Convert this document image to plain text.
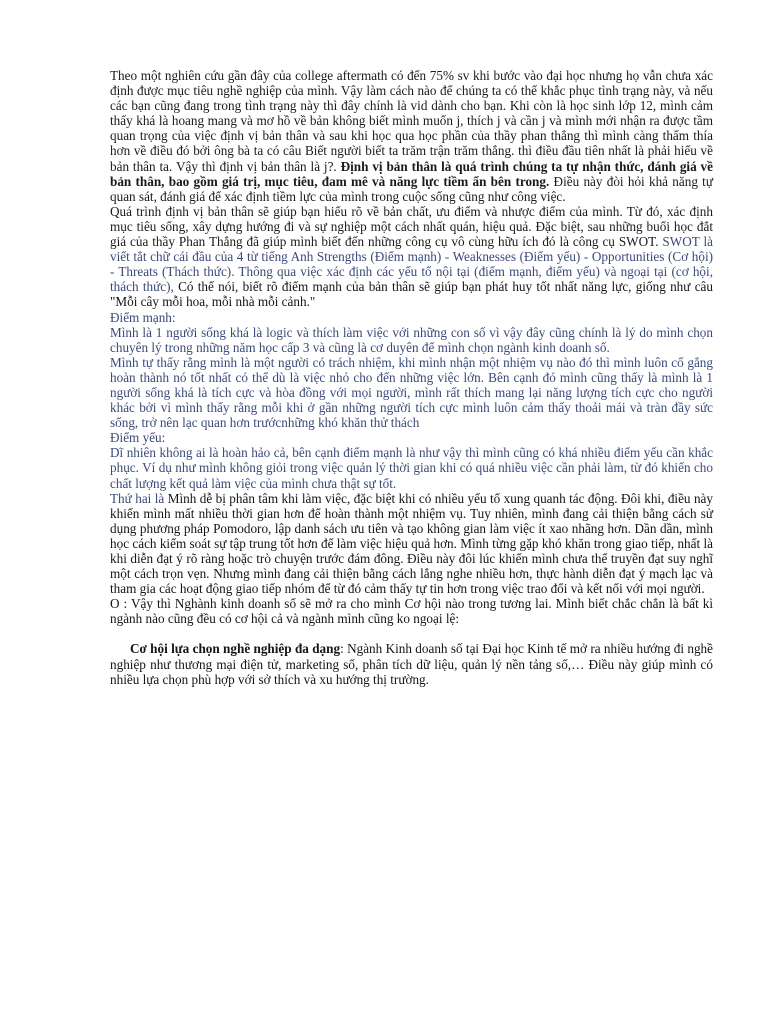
Theo một nghiên cứu gần đây của college aftermath có đến 75% sv khi bước vào đại học nhưng họ vẫn chưa xác định được mục tiêu nghề nghiệp của mình. Vậy làm cách nào để chúng ta có thể khắc phục tình trạng này, và nếu các bạn cũng đang trong tình trạng này thì đây chính là vid dành cho bạn. Khi còn là học sinh lớp 12, mình cảm thấy khá là hoang mang và mơ hồ về bản không biết mình muốn j, thích j và cần j và mình mới nhận ra được tầm quan trọng của việc định vị bản thân và sau khi học qua học phần của thầy phan thắng thì mình càng thấm thía hơn về điều đó bởi ông bà ta có câu Biết người biết ta trăm trận trăm thắng. thì điều đầu tiên nhất là phải hiểu về bản thân ta. Vậy thì định vị bản thân là j?. Định vị bản thân là quá trình chúng ta tự nhận thức, đánh giá về bản thân, bao gồm giá trị, mục tiêu, đam mê và năng lực tiềm ẩn bên trong. Điều này đòi hỏi khả năng tự quan sát, đánh giá để xác định tiềm lực của mình trong cuộc sống cũng như công việc.

Quá trình định vị bản thân sẽ giúp bạn hiểu rõ về bản chất, ưu điểm và nhược điểm của mình. Từ đó, xác định mục tiêu sống, xây dựng hướng đi và sự nghiệp một cách nhất quán, hiệu quả. Đặc biệt, sau những buổi học đắt giá của thầy Phan Thắng đã giúp mình biết đến những công cụ vô cùng hữu ích đó là công cụ SWOT. SWOT là viết tắt chữ cái đầu của 4 từ tiếng Anh Strengths (Điểm mạnh) - Weaknesses (Điểm yếu) - Opportunities (Cơ hội) - Threats (Thách thức). Thông qua việc xác định các yếu tố nội tại (điểm mạnh, điểm yếu) và ngoại tại (cơ hội, thách thức), Có thể nói, biết rõ điểm mạnh của bản thân sẽ giúp bạn phát huy tốt nhất năng lực, giống như câu "Mỗi cây mỗi hoa, mỗi nhà mỗi cảnh."

Điểm mạnh:

Mình là 1 người sống khá là logic và thích làm việc với những con số vì vậy đây cũng chính là lý do mình chọn chuyên lý trong những năm học cấp 3 và cũng là cơ duyên để mình chọn ngành kinh doanh số.

Mình tự thấy rằng mình là một người có trách nhiệm, khi mình nhận một nhiệm vụ nào đó thì mình luôn cố gắng hoàn thành nó tốt nhất có thể dù là việc nhỏ cho đến những việc lớn. Bên cạnh đó mình cũng thấy là mình là 1 người sống khá là tích cực và hòa đồng với mọi người, mình rất thích mang lại năng lượng tích cực cho người khác bởi vì mình thấy rằng mỗi khi ở gần những người tích cực mình luôn cảm thấy thoải mái và tràn đầy sức sống, trở nên lạc quan hơn trướcnhững khó khăn thử thách

Điểm yếu:

Dĩ nhiên không ai là hoàn hảo cả, bên cạnh điểm mạnh là như vậy thì mình cũng có khá nhiều điểm yếu cần khắc phục. Ví dụ như mình không giỏi trong việc quản lý thời gian khi có quá nhiều việc cần phải làm, từ đó khiến cho chất lượng kết quả làm việc của mình chưa thật sự tốt.

Thứ hai là Mình dễ bị phân tâm khi làm việc, đặc biệt khi có nhiều yếu tố xung quanh tác động. Đôi khi, điều này khiến mình mất nhiều thời gian hơn để hoàn thành một nhiệm vụ. Tuy nhiên, mình đang cải thiện bằng cách sử dụng phương pháp Pomodoro, lập danh sách ưu tiên và tạo không gian làm việc ít xao nhãng hơn. Dần dần, mình học cách kiểm soát sự tập trung tốt hơn để làm việc hiệu quả hơn. Mình từng gặp khó khăn trong giao tiếp, nhất là khi diễn đạt ý rõ ràng hoặc trò chuyện trước đám đông. Điều này đôi lúc khiến mình chưa thể truyền đạt suy nghĩ một cách trọn vẹn. Nhưng mình đang cải thiện bằng cách lắng nghe nhiều hơn, thực hành diễn đạt ý mạch lạc và tham gia các hoạt động giao tiếp nhóm để từ đó cảm thấy tự tin hơn trong việc trao đổi và kết nối với mọi người.

O : Vậy thì Nghành kinh doanh số sẽ mở ra cho mình Cơ hội nào trong tương lai. Mình biết chắc chắn là bất kì ngành nào cũng đều có cơ hội cả và ngành mình cũng ko ngoại lệ:

Cơ hội lựa chọn nghề nghiệp đa dạng: Ngành Kinh doanh số tại Đại học Kinh tế mở ra nhiều hướng đi nghề nghiệp như thương mại điện tử, marketing số, phân tích dữ liệu, quản lý nền tảng số,… Điều này giúp mình có nhiều lựa chọn phù hợp với sở thích và xu hướng thị trường.
